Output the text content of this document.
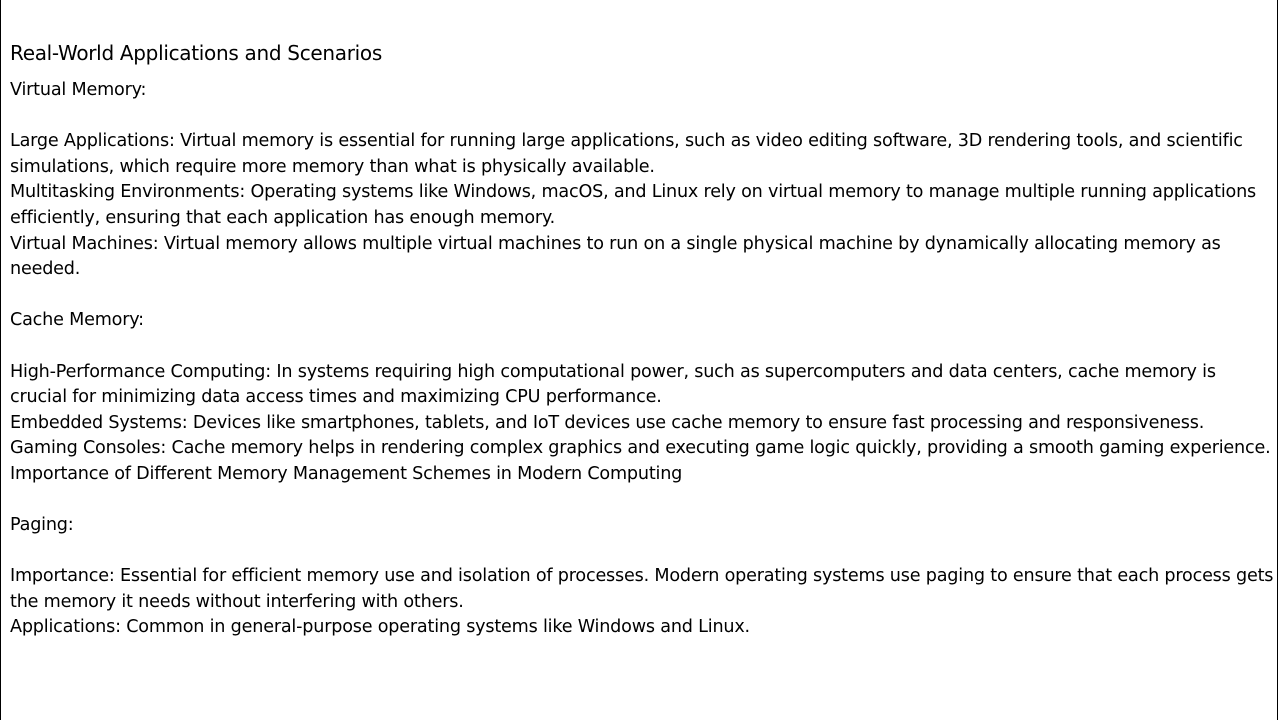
Real-World Applications and Scenarios

Virtual Memory:

Large Applications: Virtual memory is essential for running large applications, such as video editing software, 3D rendering tools, and scientific simulations, which require more memory than what is physically available.

Multitasking Environments: Operating systems like Windows, macOS, and Linux rely on virtual memory to manage multiple running applications efficiently, ensuring that each application has enough memory.

Virtual Machines: Virtual memory allows multiple virtual machines to run on a single physical machine by dynamically allocating memory as needed.

Cache Memory:

High-Performance Computing: In systems requiring high computational power, such as supercomputers and data centers, cache memory is crucial for minimizing data access times and maximizing CPU performance.

Embedded Systems: Devices like smartphones, tablets, and IoT devices use cache memory to ensure fast processing and responsiveness.

Gaming Consoles: Cache memory helps in rendering complex graphics and executing game logic quickly, providing a smooth gaming experience.

Importance of Different Memory Management Schemes in Modern Computing

Paging:

Importance: Essential for efficient memory use and isolation of processes. Modern operating systems use paging to ensure that each process gets the memory it needs without interfering with others.

Applications: Common in general-purpose operating systems like Windows and Linux.
